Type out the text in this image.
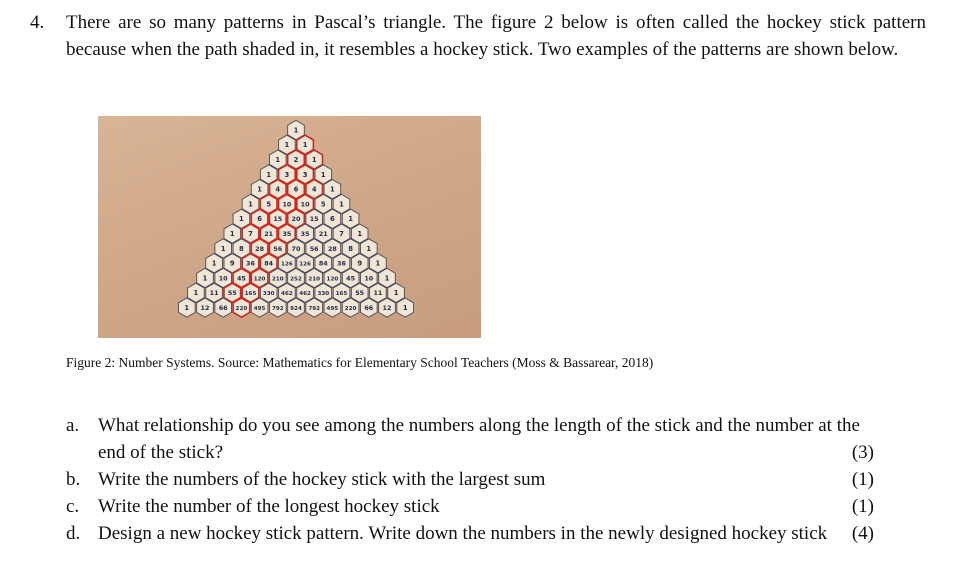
4. There are so many patterns in Pascal’s triangle. The figure 2 below is often called the hockey stick pattern because when the path shaded in, it resembles a hockey stick. Two examples of the patterns are shown below.
1
1 1
1 2 1
1 3 3 1
1 4 6 4 1
1 5 10 10 5 1
1 6 15 20 15 6 1
1 7 21 35 35 21 7 1
1 8 28 56 70 56 28 8 1
1 9 36 84 126 126 84 36 9 1
1 10 45 120 210 252 210 120 45 10 1
1 11 55 165 330 462 462 330 165 55 11 1
1 12 66 220 495 792 924 792 495 220 66 12 1
Figure 2: Number Systems. Source: Mathematics for Elementary School Teachers (Moss & Bassarear, 2018)
a. What relationship do you see among the numbers along the length of the stick and the number at the end of the stick?	(3)
b. Write the numbers of the hockey stick with the largest sum	(1)
c. Write the number of the longest hockey stick	(1)
d. Design a new hockey stick pattern. Write down the numbers in the newly designed hockey stick	(4)
